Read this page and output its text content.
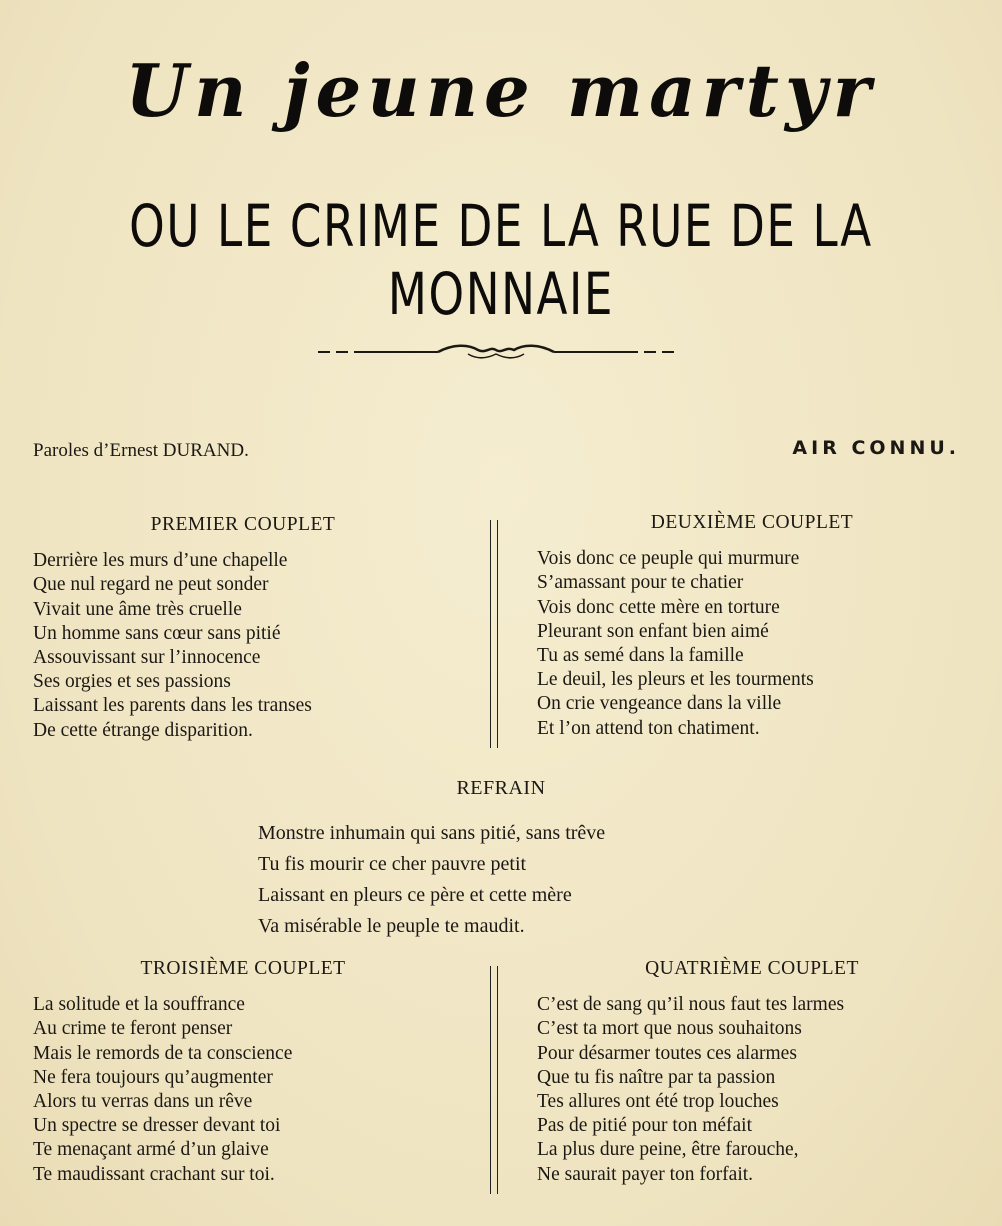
Un jeune martyr
OU LE CRIME DE LA RUE DE LA MONNAIE
Paroles d’Ernest DURAND.	AIR CONNU.
PREMIER COUPLET
Derrière les murs d’une chapelle
Que nul regard ne peut sonder
Vivait une âme très cruelle
Un homme sans cœur sans pitié
Assouvissant sur l’innocence
Ses orgies et ses passions
Laissant les parents dans les transes
De cette étrange disparition.
DEUXIÈME COUPLET
Vois donc ce peuple qui murmure
S’amassant pour te chatier
Vois donc cette mère en torture
Pleurant son enfant bien aimé
Tu as semé dans la famille
Le deuil, les pleurs et les tourments
On crie vengeance dans la ville
Et l’on attend ton chatiment.
REFRAIN
Monstre inhumain qui sans pitié, sans trêve
Tu fis mourir ce cher pauvre petit
Laissant en pleurs ce père et cette mère
Va misérable le peuple te maudit.
TROISIÈME COUPLET
La solitude et la souffrance
Au crime te feront penser
Mais le remords de ta conscience
Ne fera toujours qu’augmenter
Alors tu verras dans un rêve
Un spectre se dresser devant toi
Te menaçant armé d’un glaive
Te maudissant crachant sur toi.
QUATRIÈME COUPLET
C’est de sang qu’il nous faut tes larmes
C’est ta mort que nous souhaitons
Pour désarmer toutes ces alarmes
Que tu fis naître par ta passion
Tes allures ont été trop louches
Pas de pitié pour ton méfait
La plus dure peine, être farouche,
Ne saurait payer ton forfait.
